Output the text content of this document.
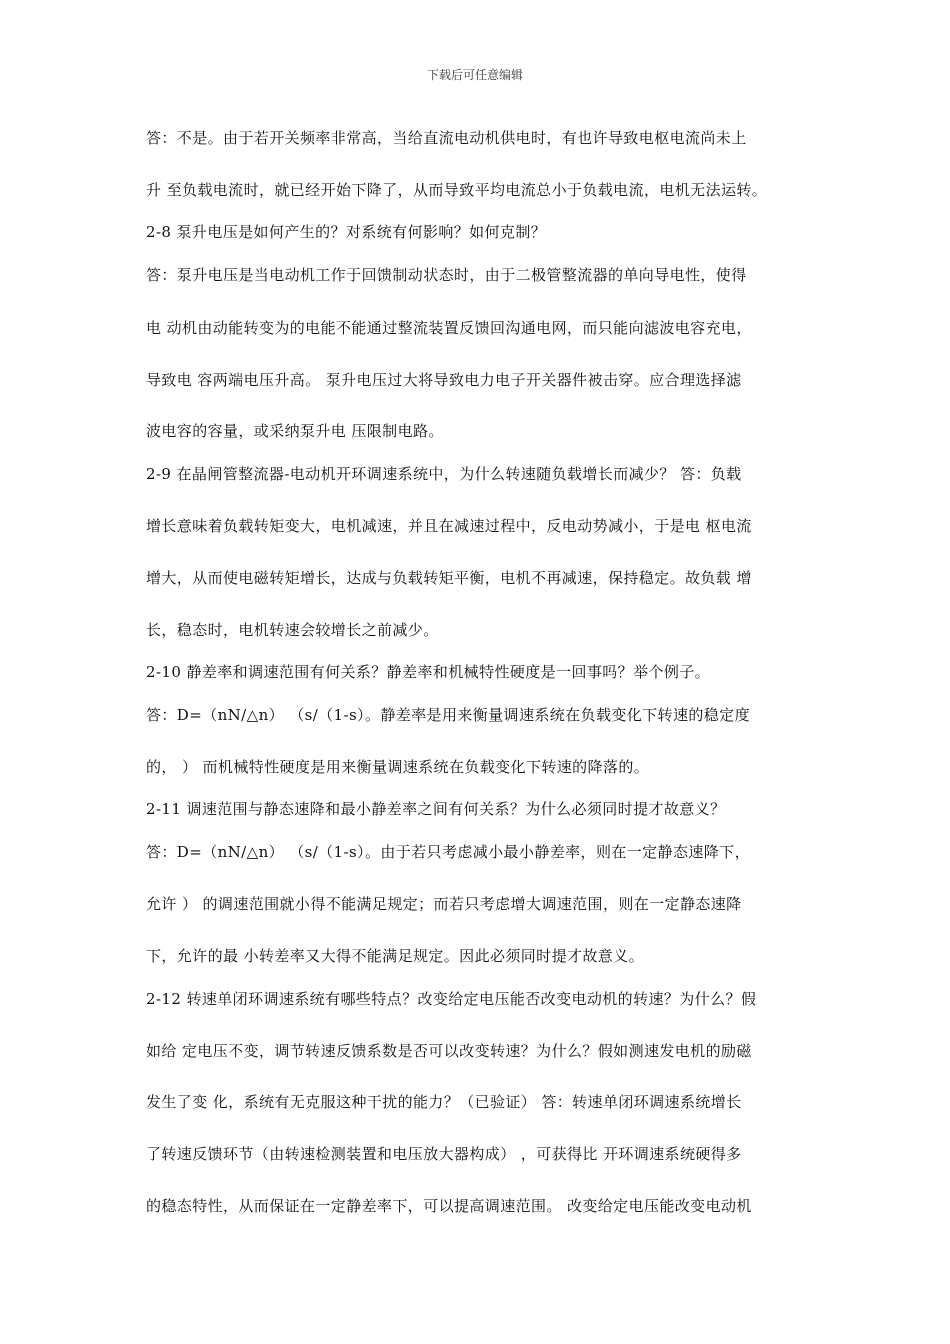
下载后可任意编辑
答：不是。由于若开关频率非常高，当给直流电动机供电时，有也许导致电枢电流尚未上
升 至负载电流时，就已经开始下降了，从而导致平均电流总小于负载电流，电机无法运转。
2-8 泵升电压是如何产生的？对系统有何影响？如何克制？
答：泵升电压是当电动机工作于回馈制动状态时，由于二极管整流器的单向导电性，使得
电 动机由动能转变为的电能不能通过整流装置反馈回沟通电网，而只能向滤波电容充电，
导致电 容两端电压升高。 泵升电压过大将导致电力电子开关器件被击穿。应合理选择滤
波电容的容量，或采纳泵升电 压限制电路。
2-9 在晶闸管整流器-电动机开环调速系统中，为什么转速随负载增长而减少？ 答：负载
增长意味着负载转矩变大，电机减速，并且在减速过程中，反电动势减小，于是电 枢电流
增大，从而使电磁转矩增长，达成与负载转矩平衡，电机不再减速，保持稳定。故负载 增
长，稳态时，电机转速会较增长之前减少。
2-10 静差率和调速范围有何关系？静差率和机械特性硬度是一回事吗？举个例子。
答：D=（nN/△n） （s/（1-s）。静差率是用来衡量调速系统在负载变化下转速的稳定度
的， ） 而机械特性硬度是用来衡量调速系统在负载变化下转速的降落的。
2-11 调速范围与静态速降和最小静差率之间有何关系？为什么必须同时提才故意义？
答：D=（nN/△n） （s/（1-s）。由于若只考虑减小最小静差率，则在一定静态速降下，
允许 ） 的调速范围就小得不能满足规定；而若只考虑增大调速范围，则在一定静态速降
下，允许的最 小转差率又大得不能满足规定。因此必须同时提才故意义。
2-12 转速单闭环调速系统有哪些特点？改变给定电压能否改变电动机的转速？为什么？假
如给 定电压不变，调节转速反馈系数是否可以改变转速？为什么？假如测速发电机的励磁
发生了变 化，系统有无克服这种干扰的能力？（已验证） 答：转速单闭环调速系统增长
了转速反馈环节（由转速检测装置和电压放大器构成） ，可获得比 开环调速系统硬得多
的稳态特性，从而保证在一定静差率下，可以提高调速范围。 改变给定电压能改变电动机
